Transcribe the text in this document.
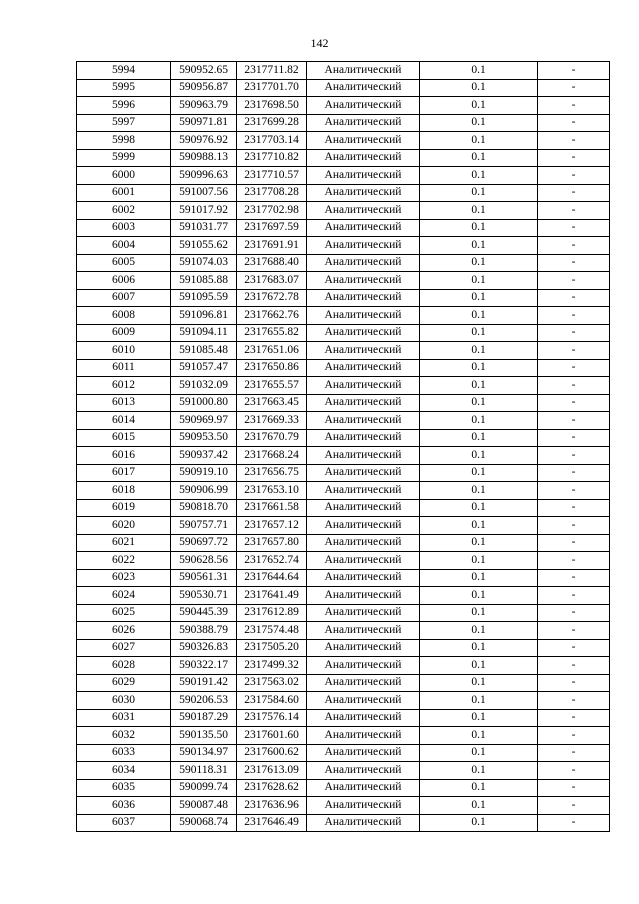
142
5994	590952.65	2317711.82	Аналитический	0.1	-
5995	590956.87	2317701.70	Аналитический	0.1	-
5996	590963.79	2317698.50	Аналитический	0.1	-
5997	590971.81	2317699.28	Аналитический	0.1	-
5998	590976.92	2317703.14	Аналитический	0.1	-
5999	590988.13	2317710.82	Аналитический	0.1	-
6000	590996.63	2317710.57	Аналитический	0.1	-
6001	591007.56	2317708.28	Аналитический	0.1	-
6002	591017.92	2317702.98	Аналитический	0.1	-
6003	591031.77	2317697.59	Аналитический	0.1	-
6004	591055.62	2317691.91	Аналитический	0.1	-
6005	591074.03	2317688.40	Аналитический	0.1	-
6006	591085.88	2317683.07	Аналитический	0.1	-
6007	591095.59	2317672.78	Аналитический	0.1	-
6008	591096.81	2317662.76	Аналитический	0.1	-
6009	591094.11	2317655.82	Аналитический	0.1	-
6010	591085.48	2317651.06	Аналитический	0.1	-
6011	591057.47	2317650.86	Аналитический	0.1	-
6012	591032.09	2317655.57	Аналитический	0.1	-
6013	591000.80	2317663.45	Аналитический	0.1	-
6014	590969.97	2317669.33	Аналитический	0.1	-
6015	590953.50	2317670.79	Аналитический	0.1	-
6016	590937.42	2317668.24	Аналитический	0.1	-
6017	590919.10	2317656.75	Аналитический	0.1	-
6018	590906.99	2317653.10	Аналитический	0.1	-
6019	590818.70	2317661.58	Аналитический	0.1	-
6020	590757.71	2317657.12	Аналитический	0.1	-
6021	590697.72	2317657.80	Аналитический	0.1	-
6022	590628.56	2317652.74	Аналитический	0.1	-
6023	590561.31	2317644.64	Аналитический	0.1	-
6024	590530.71	2317641.49	Аналитический	0.1	-
6025	590445.39	2317612.89	Аналитический	0.1	-
6026	590388.79	2317574.48	Аналитический	0.1	-
6027	590326.83	2317505.20	Аналитический	0.1	-
6028	590322.17	2317499.32	Аналитический	0.1	-
6029	590191.42	2317563.02	Аналитический	0.1	-
6030	590206.53	2317584.60	Аналитический	0.1	-
6031	590187.29	2317576.14	Аналитический	0.1	-
6032	590135.50	2317601.60	Аналитический	0.1	-
6033	590134.97	2317600.62	Аналитический	0.1	-
6034	590118.31	2317613.09	Аналитический	0.1	-
6035	590099.74	2317628.62	Аналитический	0.1	-
6036	590087.48	2317636.96	Аналитический	0.1	-
6037	590068.74	2317646.49	Аналитический	0.1	-
